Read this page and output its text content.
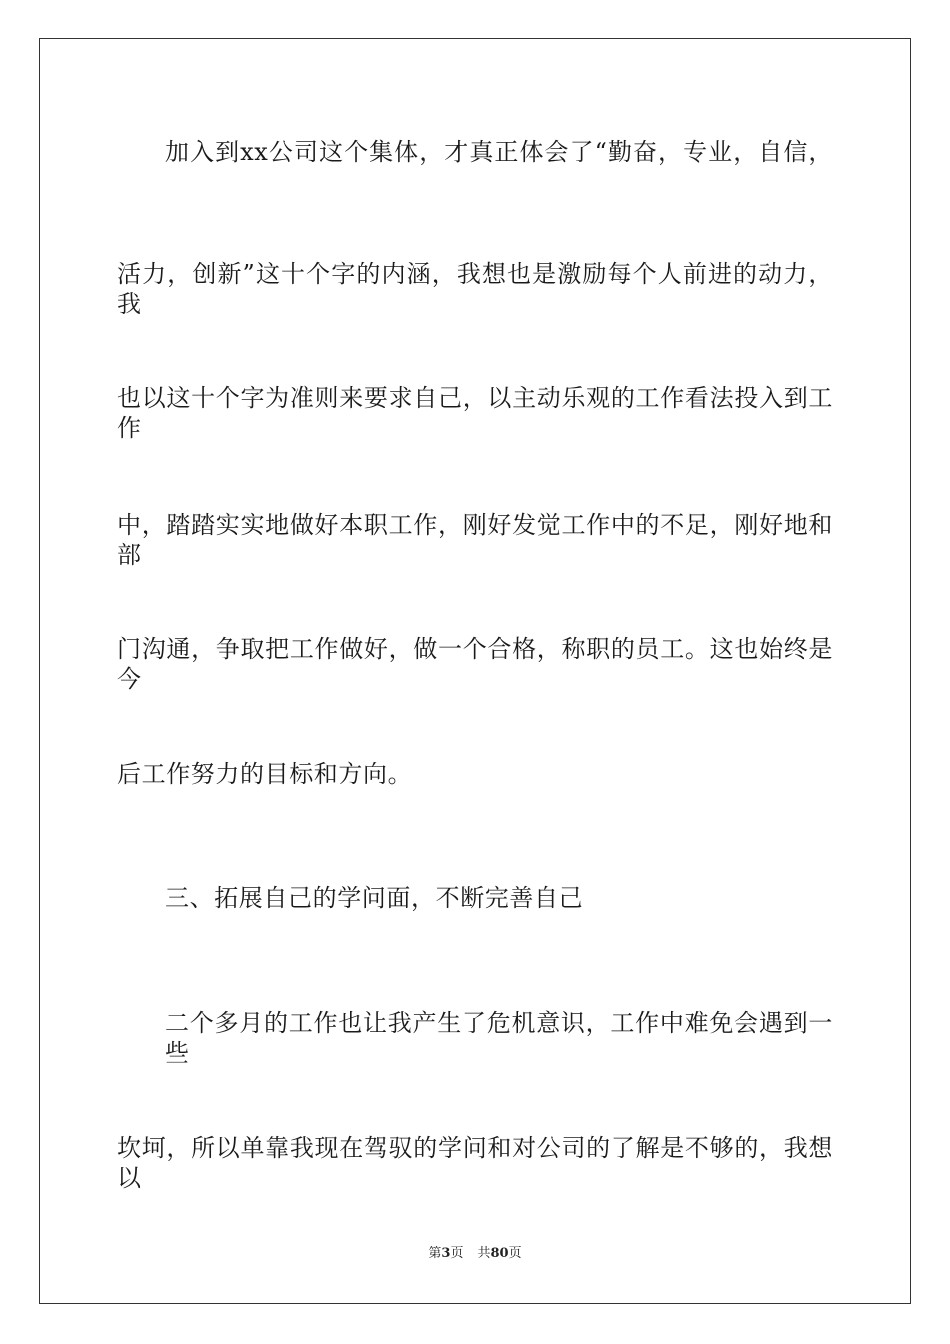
加入到xx公司这个集体，才真正体会了“勤奋，专业，自信，
活力，创新”这十个字的内涵，我想也是激励每个人前进的动力，我
也以这十个字为准则来要求自己，以主动乐观的工作看法投入到工作
中，踏踏实实地做好本职工作，刚好发觉工作中的不足，刚好地和部
门沟通，争取把工作做好，做一个合格，称职的员工。这也始终是今
后工作努力的目标和方向。
三、拓展自己的学问面，不断完善自己
二个多月的工作也让我产生了危机意识，工作中难免会遇到一些
坎坷，所以单靠我现在驾驭的学问和对公司的了解是不够的，我想以
第3页 共80页
